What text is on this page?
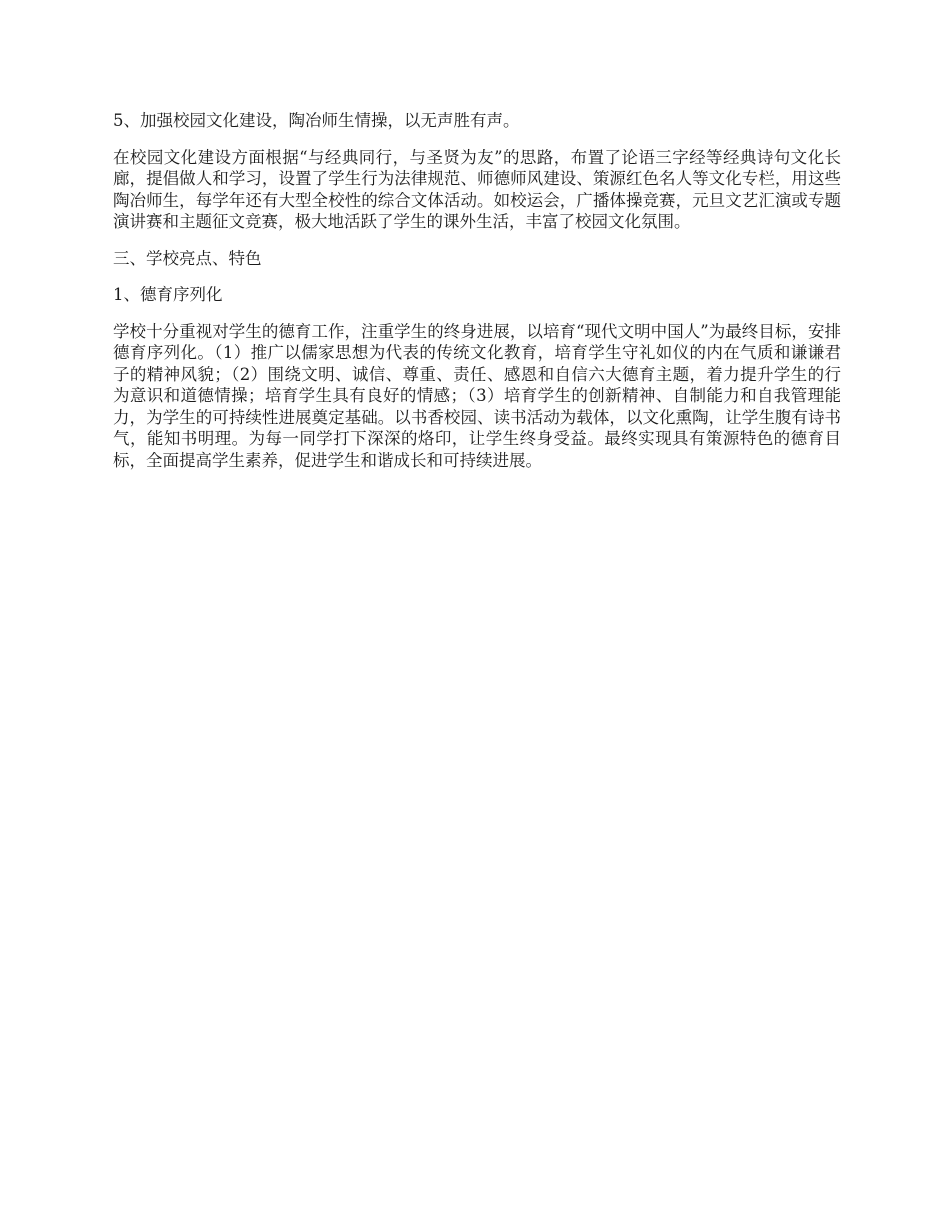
5、加强校园文化建设，陶冶师生情操，以无声胜有声。

在校园文化建设方面根据“与经典同行，与圣贤为友”的思路，布置了论语三字经等经典诗句文化长廊，提倡做人和学习，设置了学生行为法律规范、师德师风建设、策源红色名人等文化专栏，用这些陶冶师生，每学年还有大型全校性的综合文体活动。如校运会，广播体操竞赛，元旦文艺汇演或专题演讲赛和主题征文竞赛，极大地活跃了学生的课外生活，丰富了校园文化氛围。

三、学校亮点、特色

1、德育序列化

学校十分重视对学生的德育工作，注重学生的终身进展，以培育“现代文明中国人”为最终目标，安排德育序列化。（1）推广以儒家思想为代表的传统文化教育，培育学生守礼如仪的内在气质和谦谦君子的精神风貌；（2）围绕文明、诚信、尊重、责任、感恩和自信六大德育主题，着力提升学生的行为意识和道德情操；培育学生具有良好的情感；（3）培育学生的创新精神、自制能力和自我管理能力，为学生的可持续性进展奠定基础。以书香校园、读书活动为载体，以文化熏陶，让学生腹有诗书气，能知书明理。为每一同学打下深深的烙印，让学生终身受益。最终实现具有策源特色的德育目标，全面提高学生素养，促进学生和谐成长和可持续进展。
